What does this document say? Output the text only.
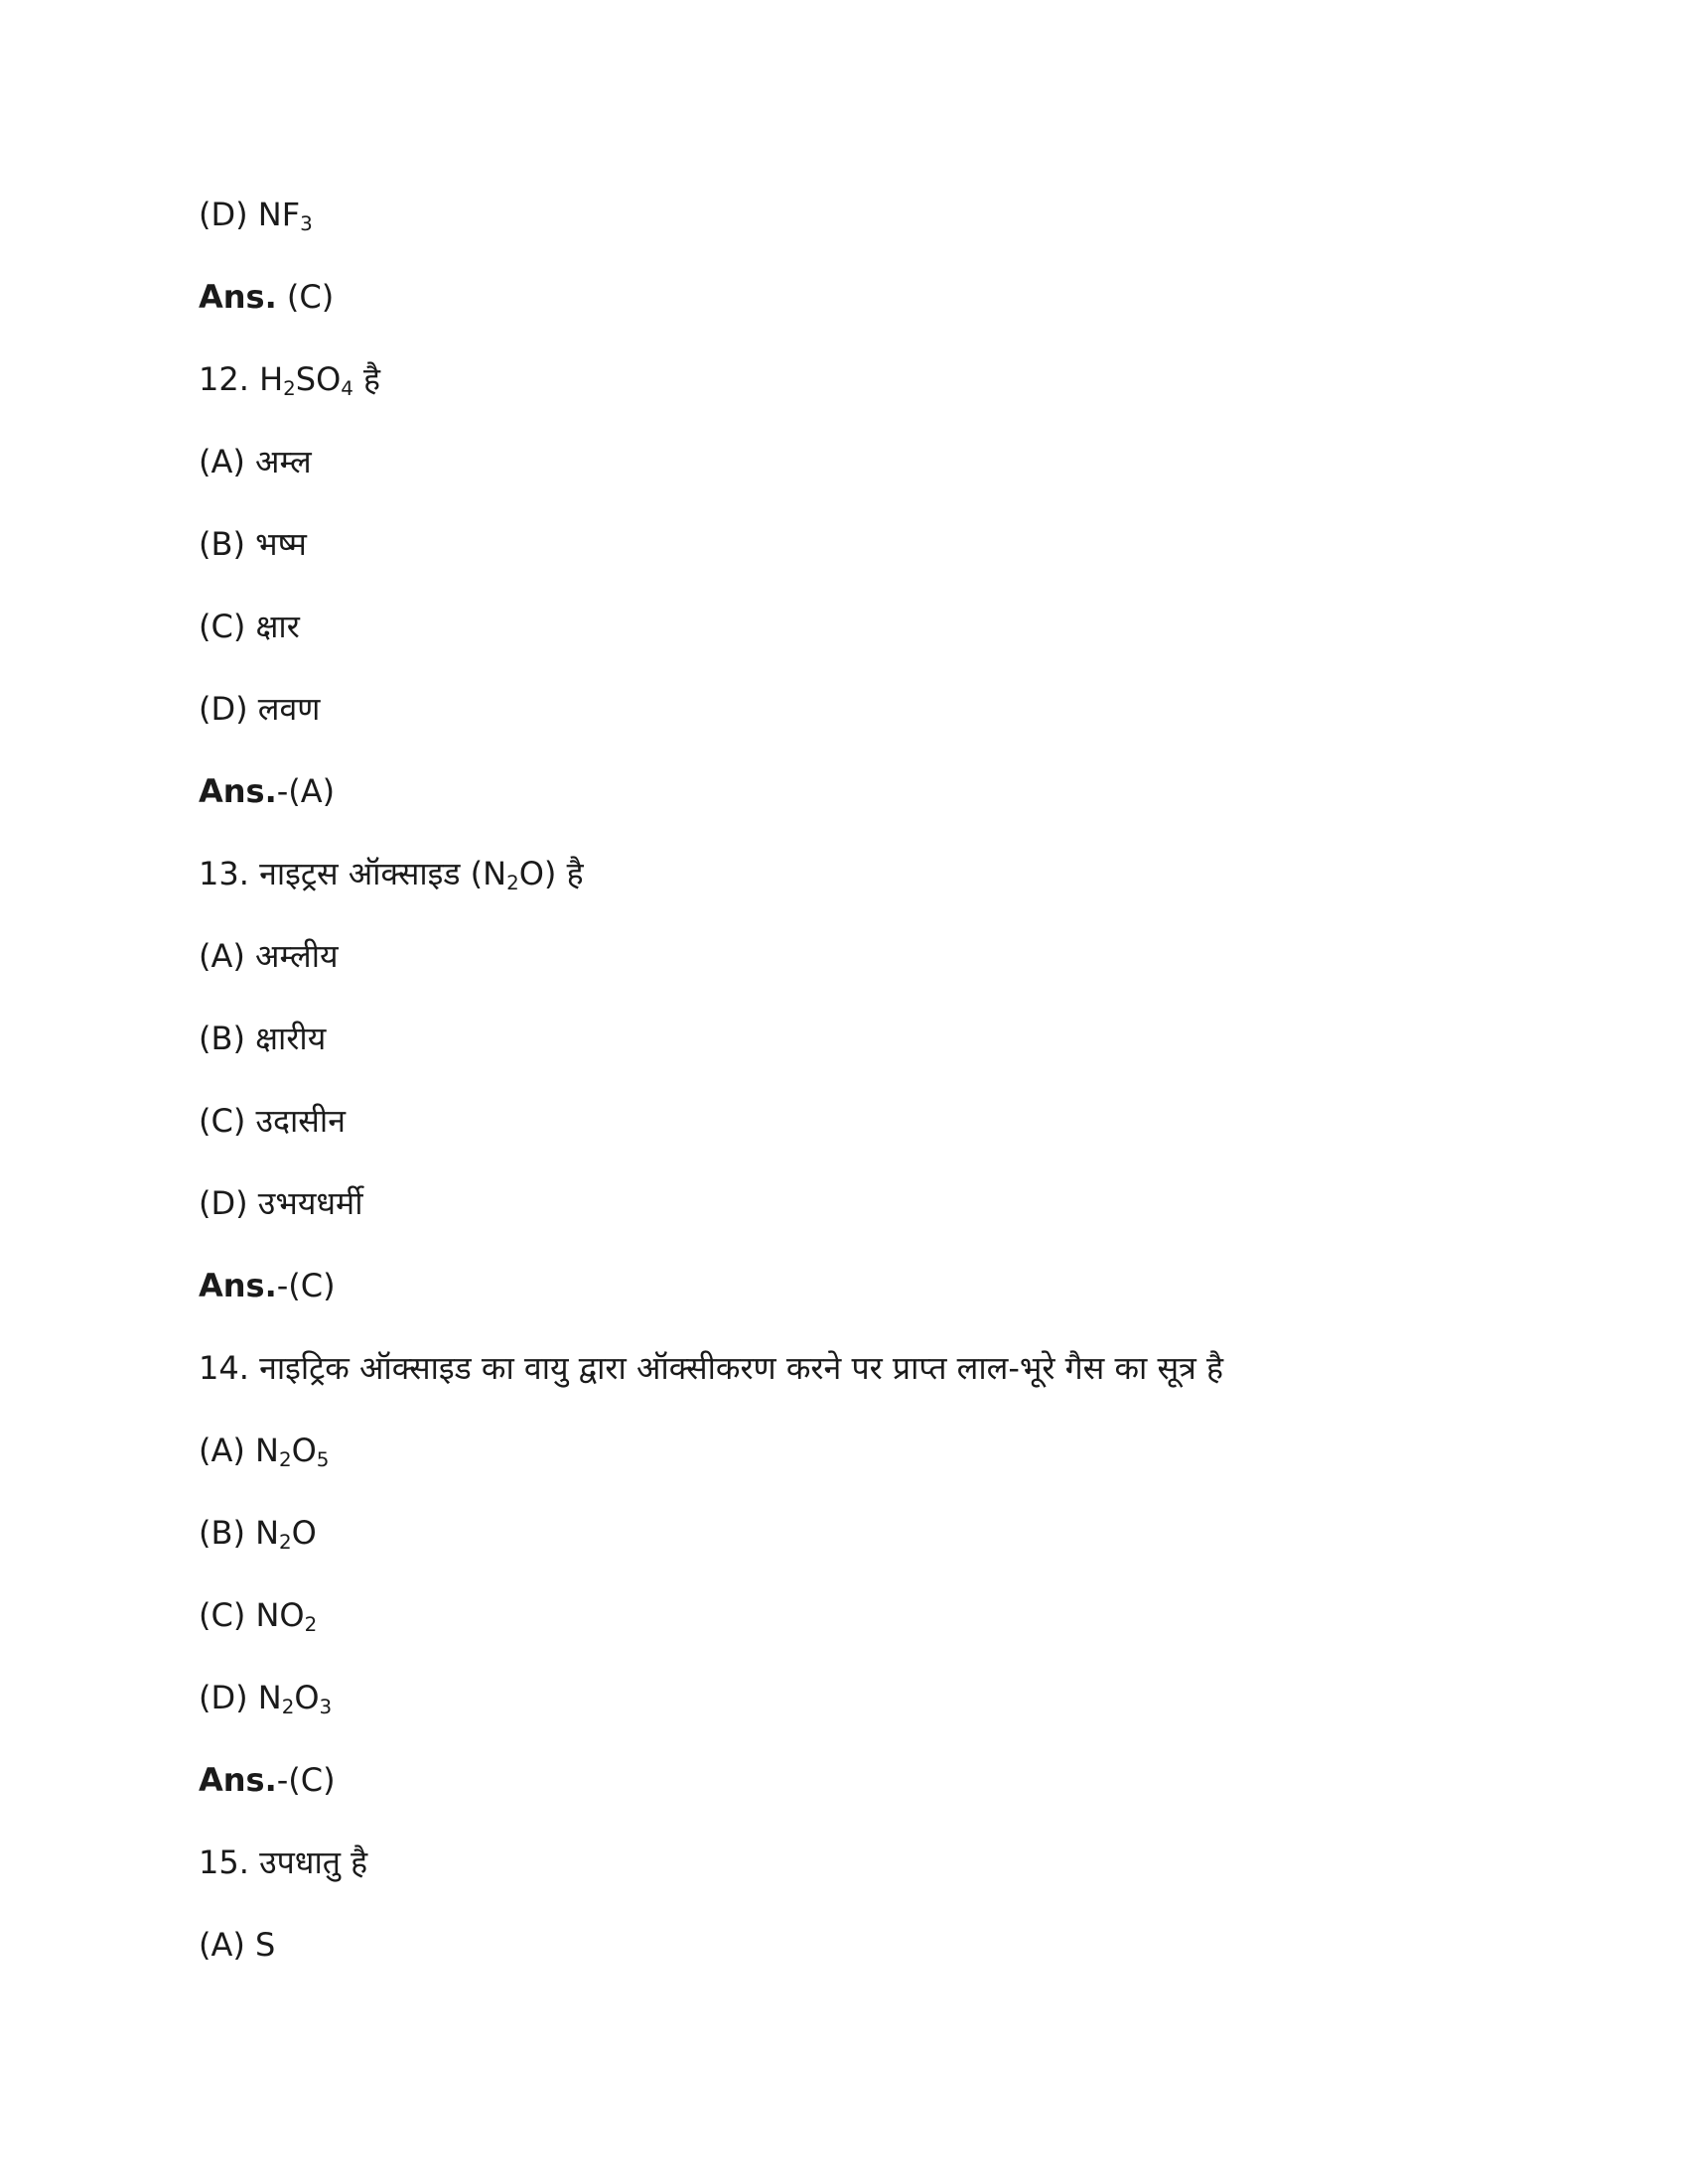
(D) $NF_3$
Ans. (C)
12. $H_2SO_4$ है
(A) अम्ल
(B) भष्म
(C) क्षार
(D) लवण
Ans.-(A)
13. नाइट्रस ऑक्साइड $(N_2O)$ है
(A) अम्लीय
(B) क्षारीय
(C) उदासीन
(D) उभयधर्मी
Ans.-(C)
14. नाइट्रिक ऑक्साइड का वायु द्वारा ऑक्सीकरण करने पर प्राप्त लाल-भूरे गैस का सूत्र है
(A) $N_2O_5$
(B) $N_2O$
(C) $NO_2$
(D) $N_2O_3$
Ans.-(C)
15. उपधातु है
(A) S
